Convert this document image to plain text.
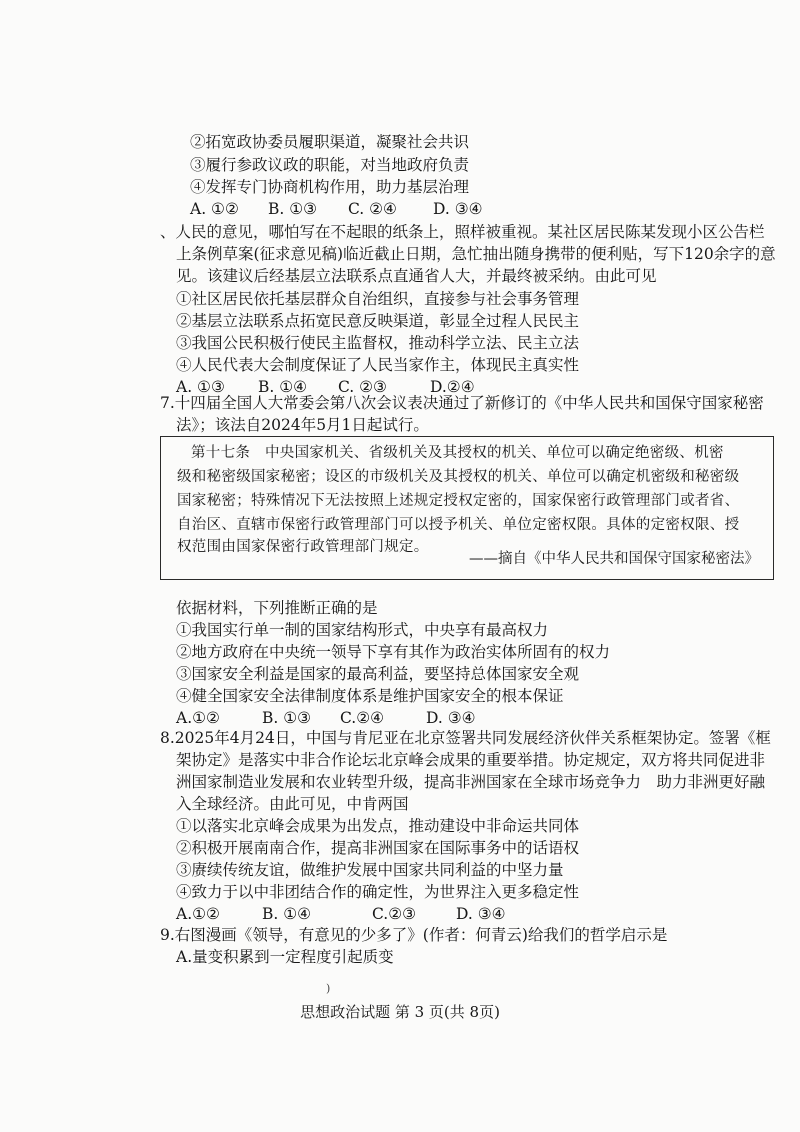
②拓宽政协委员履职渠道，凝聚社会共识
③履行参政议政的职能，对当地政府负责
④发挥专门协商机构作用，助力基层治理
A. ①② B. ①③ C. ②④ D. ③④
、人民的意见，哪怕写在不起眼的纸条上，照样被重视。某社区居民陈某发现小区公告栏
上条例草案(征求意见稿)临近截止日期，急忙抽出随身携带的便利贴，写下120余字的意
见。该建议后经基层立法联系点直通省人大，并最终被采纳。由此可见
①社区居民依托基层群众自治组织，直接参与社会事务管理
②基层立法联系点拓宽民意反映渠道，彰显全过程人民民主
③我国公民积极行使民主监督权，推动科学立法、民主立法
④人民代表大会制度保证了人民当家作主，体现民主真实性
A. ①③ B. ①④ C. ②③	D.②④
7.十四届全国人大常委会第八次会议表决通过了新修订的《中华人民共和国保守国家秘密
法》；该法自2024年5月1日起试行。
第十七条　中央国家机关、省级机关及其授权的机关、单位可以确定绝密级、机密
级和秘密级国家秘密；设区的市级机关及其授权的机关、单位可以确定机密级和秘密级
国家秘密；特殊情况下无法按照上述规定授权定密的，国家保密行政管理部门或者省、
自治区、直辖市保密行政管理部门可以授予机关、单位定密权限。具体的定密权限、授
权范围由国家保密行政管理部门规定。
——摘自《中华人民共和国保守国家秘密法》
依据材料，下列推断正确的是
①我国实行单一制的国家结构形式，中央享有最高权力
②地方政府在中央统一领导下享有其作为政治实体所固有的权力
③国家安全利益是国家的最高利益，要坚持总体国家安全观
④健全国家安全法律制度体系是维护国家安全的根本保证
A.①②	B. ①③ C.②④	D. ③④
8.2025年4月24日，中国与肯尼亚在北京签署共同发展经济伙伴关系框架协定。签署《框
架协定》是落实中非合作论坛北京峰会成果的重要举措。协定规定，双方将共同促进非
洲国家制造业发展和农业转型升级，提高非洲国家在全球市场竞争力　助力非洲更好融
入全球经济。由此可见，中肯两国
①以落实北京峰会成果为出发点，推动建设中非命运共同体
②积极开展南南合作，提高非洲国家在国际事务中的话语权
③赓续传统友谊，做维护发展中国家共同利益的中坚力量
④致力于以中非团结合作的确定性，为世界注入更多稳定性
A.①②	B. ①④	C.②③	D. ③④
9.右图漫画《领导，有意见的少多了》(作者：何青云)给我们的哲学启示是
A.量变积累到一定程度引起质变
)
思想政治试题 第 3 页(共 8页)
